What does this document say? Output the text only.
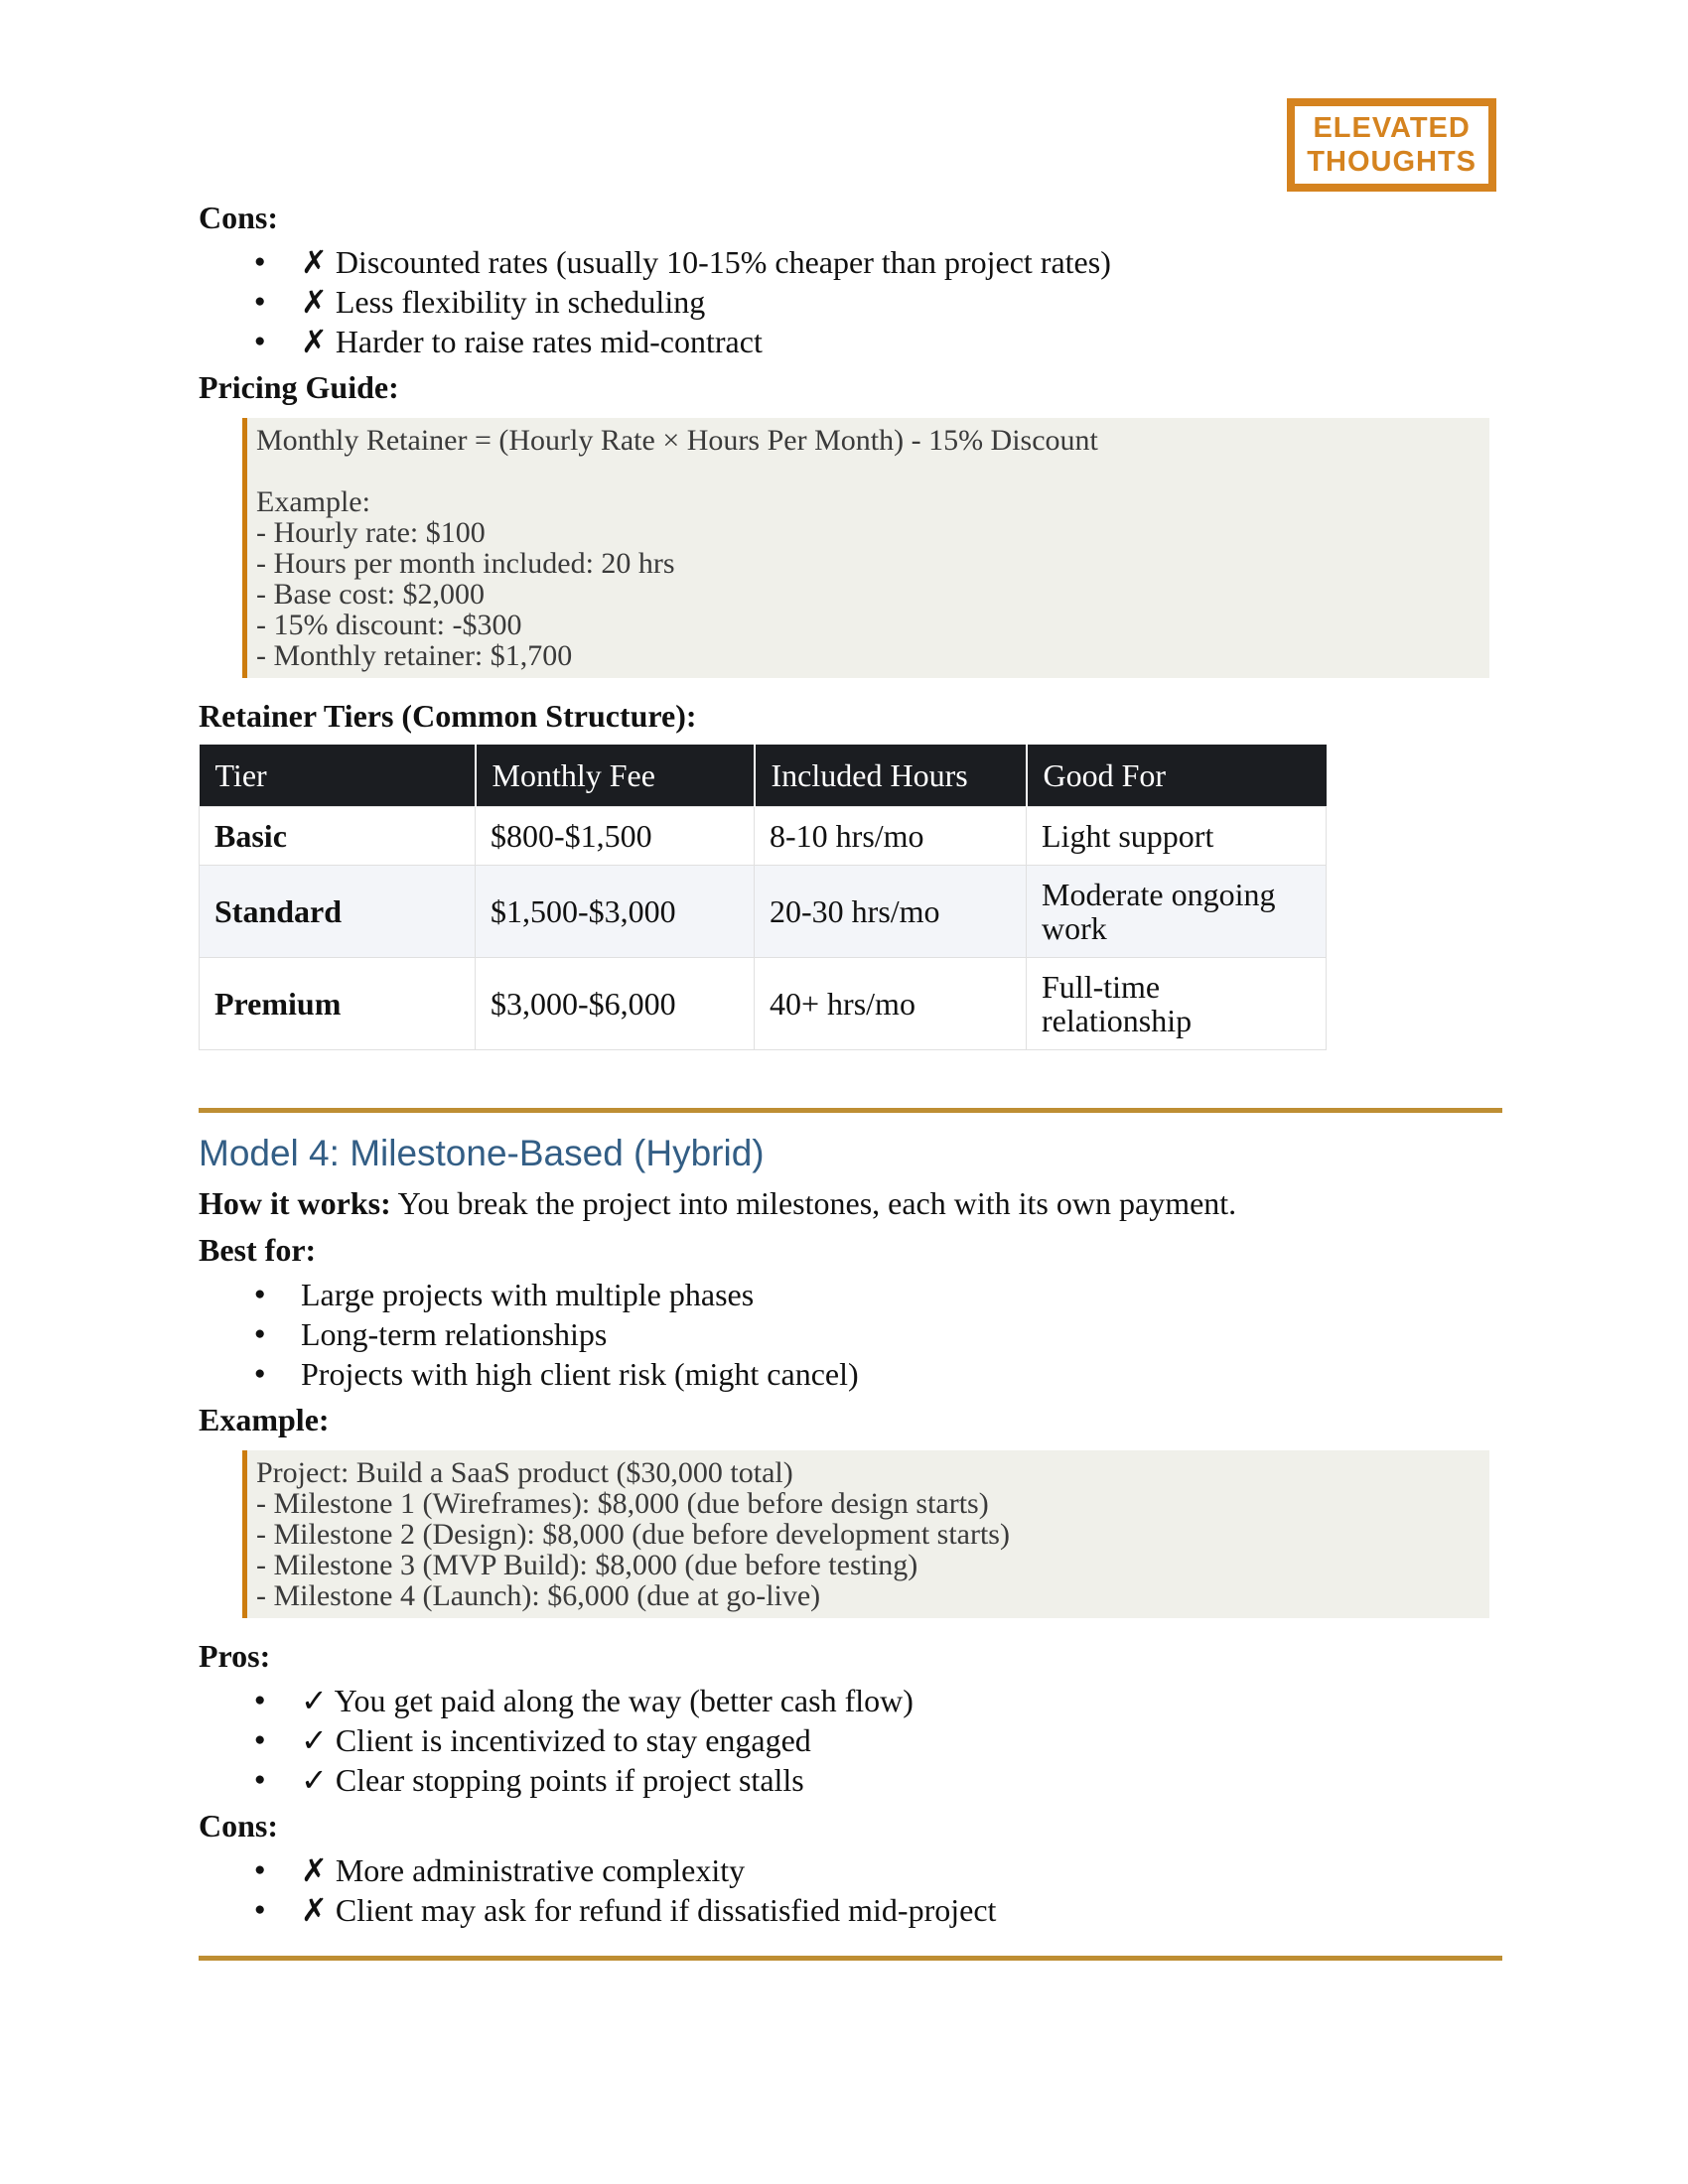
ELEVATED
THOUGHTS

Cons:

● ✗ Discounted rates (usually 10-15% cheaper than project rates)
● ✗ Less flexibility in scheduling
● ✗ Harder to raise rates mid-contract

Pricing Guide:

Monthly Retainer = (Hourly Rate × Hours Per Month) - 15% Discount
Example:
- Hourly rate: $100
- Hours per month included: 20 hrs
- Base cost: $2,000
- 15% discount: -$300
- Monthly retainer: $1,700

Retainer Tiers (Common Structure):

Tier	Monthly Fee	Included Hours	Good For
Basic	$800-$1,500	8-10 hrs/mo	Light support
Standard	$1,500-$3,000	20-30 hrs/mo	Moderate ongoing
work
Premium	$3,000-$6,000	40+ hrs/mo	Full-time relationship
Model 4: Milestone-Based (Hybrid)

How it works: You break the project into milestones, each with its own payment.

Best for:

● Large projects with multiple phases
● Long-term relationships
● Projects with high client risk (might cancel)

Example:

Project: Build a SaaS product ($30,000 total)
- Milestone 1 (Wireframes): $8,000 (due before design starts)
- Milestone 2 (Design): $8,000 (due before development starts)
- Milestone 3 (MVP Build): $8,000 (due before testing)
- Milestone 4 (Launch): $6,000 (due at go-live)

Pros:

● ✓ You get paid along the way (better cash flow)
● ✓ Client is incentivized to stay engaged
● ✓ Clear stopping points if project stalls

Cons:

● ✗ More administrative complexity
● ✗ Client may ask for refund if dissatisfied mid-project
